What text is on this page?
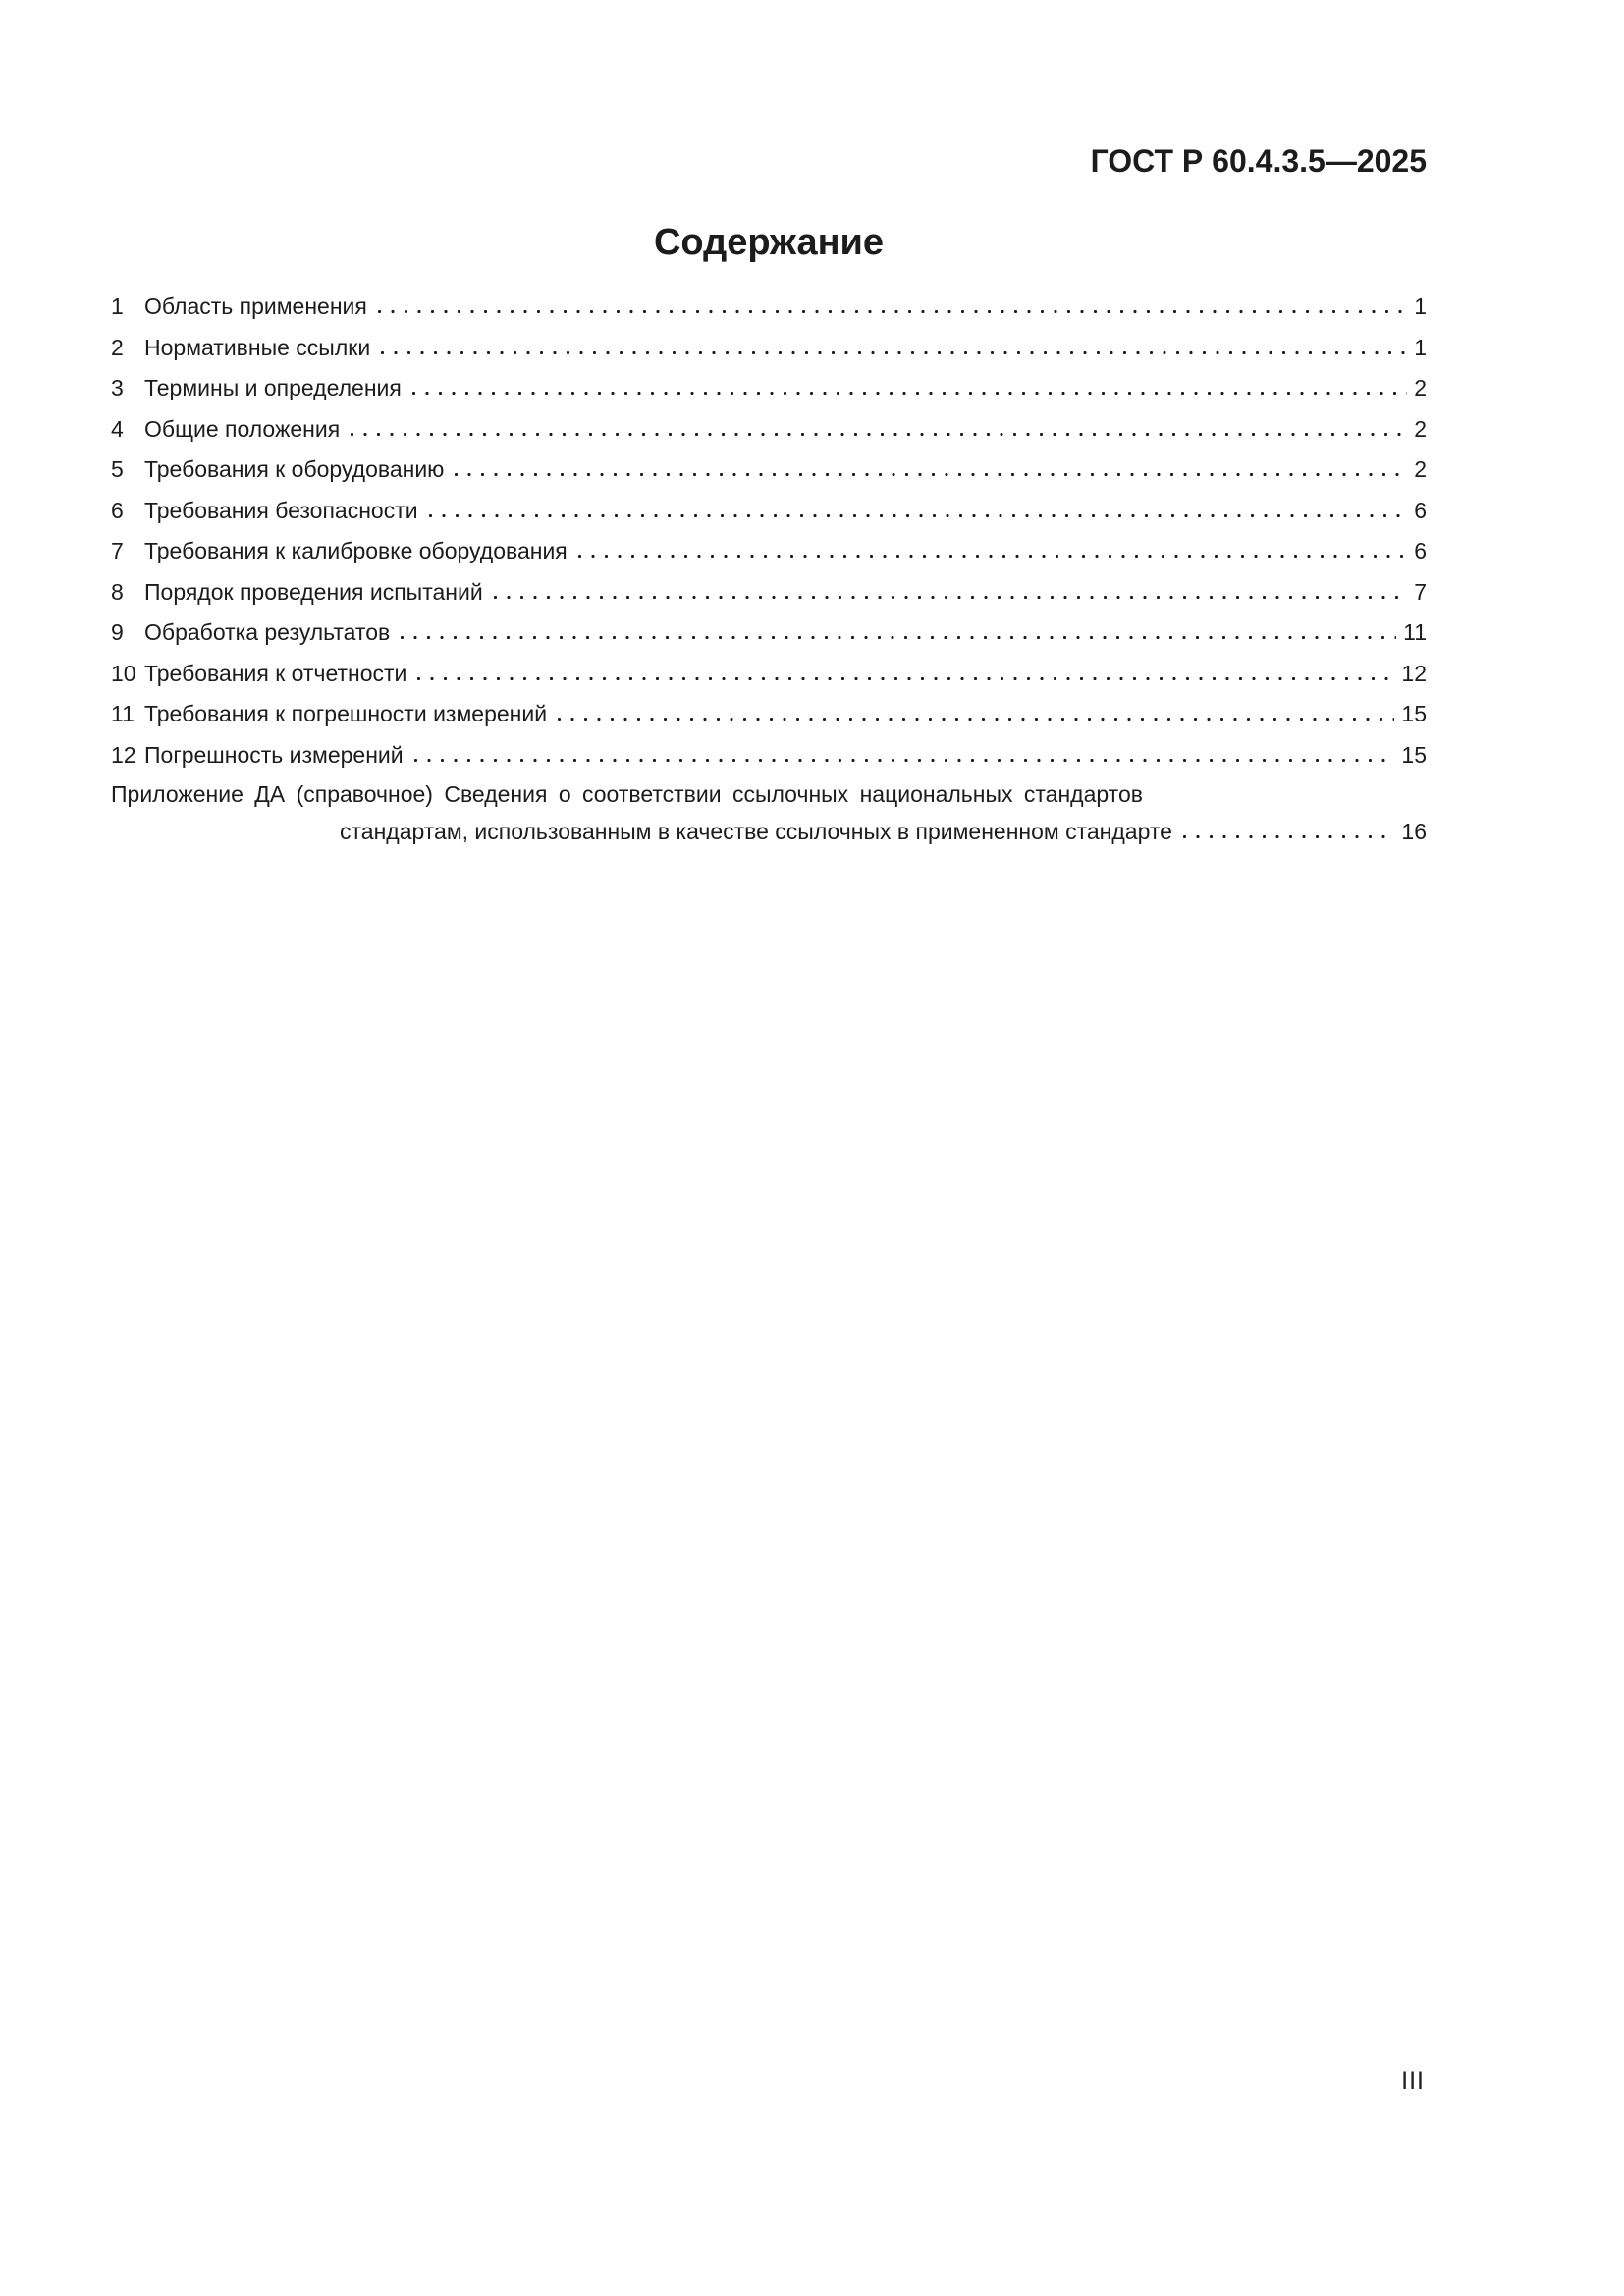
ГОСТ Р 60.4.3.5—2025
Содержание
1 Область применения	1
2 Нормативные ссылки	1
3 Термины и определения	2
4 Общие положения	2
5 Требования к оборудованию	2
6 Требования безопасности	6
7 Требования к калибровке оборудования	6
8 Порядок проведения испытаний	7
9 Обработка результатов	11
10 Требования к отчетности	12
11 Требования к погрешности измерений	15
12 Погрешность измерений	15
Приложение ДА (справочное) Сведения о соответствии ссылочных национальных стандартов
стандартам, использованным в качестве ссылочных в примененном стандарте	16
III
